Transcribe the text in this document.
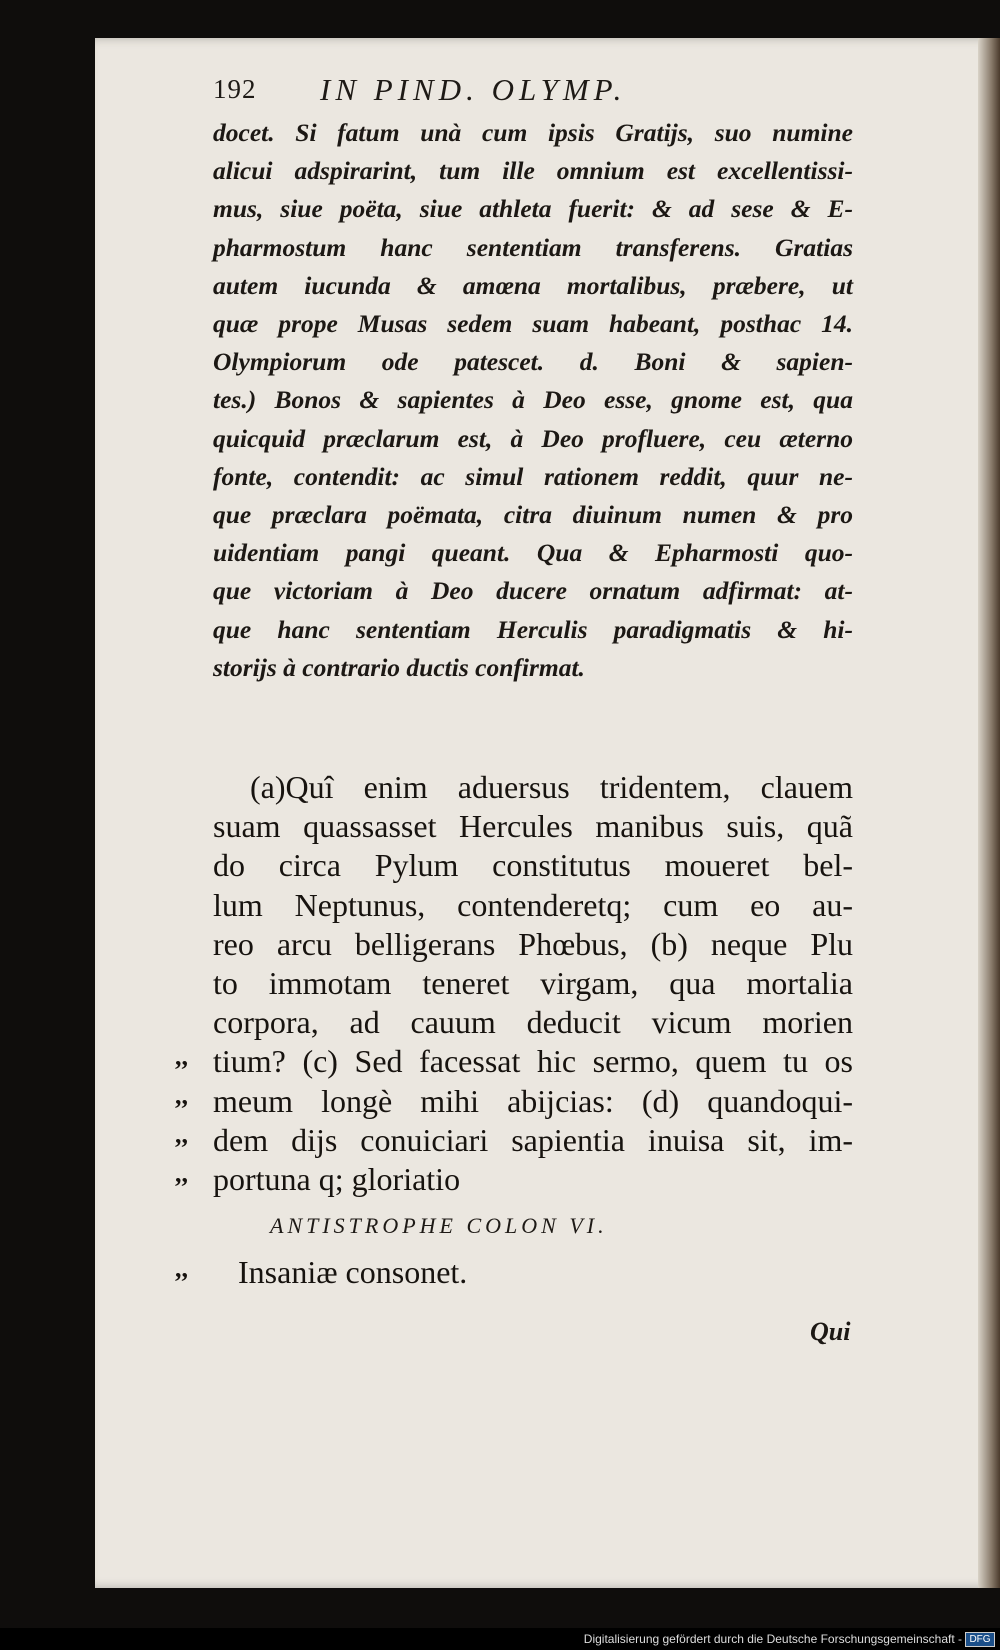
192 IN PIND. OLYMP.
docet. Si fatum unà cum ipsis Gratijs, suo numine
alicui adspirarint, tum ille omnium est excellentissi-
mus, siue poëta, siue athleta fuerit: & ad sese & E-
pharmostum hanc sententiam transferens. Gratias
autem iucunda & amœna mortalibus, præbere, ut
quæ prope Musas sedem suam habeant, posthac 14.
Olympiorum ode patescet. d. Boni & sapien-
tes.) Bonos & sapientes à Deo esse, gnome est, qua
quicquid præclarum est, à Deo profluere, ceu æterno
fonte, contendit: ac simul rationem reddit, quur ne-
que præclara poëmata, citra diuinum numen & pro
uidentiam pangi queant. Qua & Epharmosti quo-
que victoriam à Deo ducere ornatum adfirmat: at-
que hanc sententiam Herculis paradigmatis & hi-
storijs à contrario ductis confirmat.
(a)Quî enim aduersus tridentem, clauem
suam quassasset Hercules manibus suis, quã
do circa Pylum constitutus moueret bel-
lum Neptunus, contenderetq; cum eo au-
reo arcu belligerans Phœbus, (b) neque Plu
to immotam teneret virgam, qua mortalia
corpora, ad cauum deducit vicum morien
tium? (c) Sed facessat hic sermo, quem tu os
meum longè mihi abijcias: (d) quandoqui-
dem dijs conuiciari sapientia inuisa sit, im-
portuna q; gloriatio
,,
,,
,,
,,
,,
ANTISTROPHE COLON VI.
Insaniæ consonet.
Qui
Digitalisierung gefördert durch die Deutsche Forschungsgemeinschaft - DFG
